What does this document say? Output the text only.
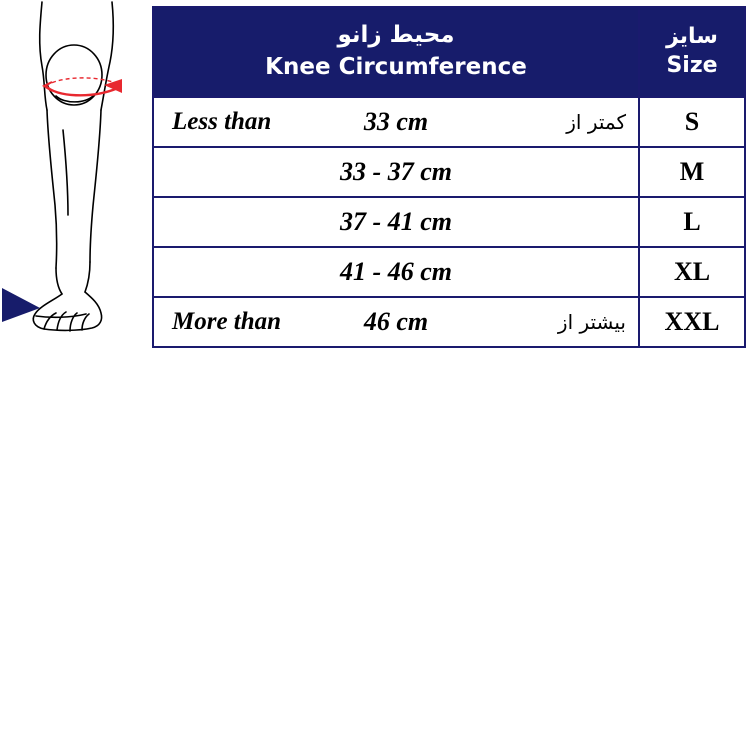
محیط زانو
Knee Circumference

سایز
Size

Less than 33 cm کمتر از	S

33 - 37 cm	M

37 - 41 cm	L

41 - 46 cm	XL

More than 46 cm بیشتر از	XXL
